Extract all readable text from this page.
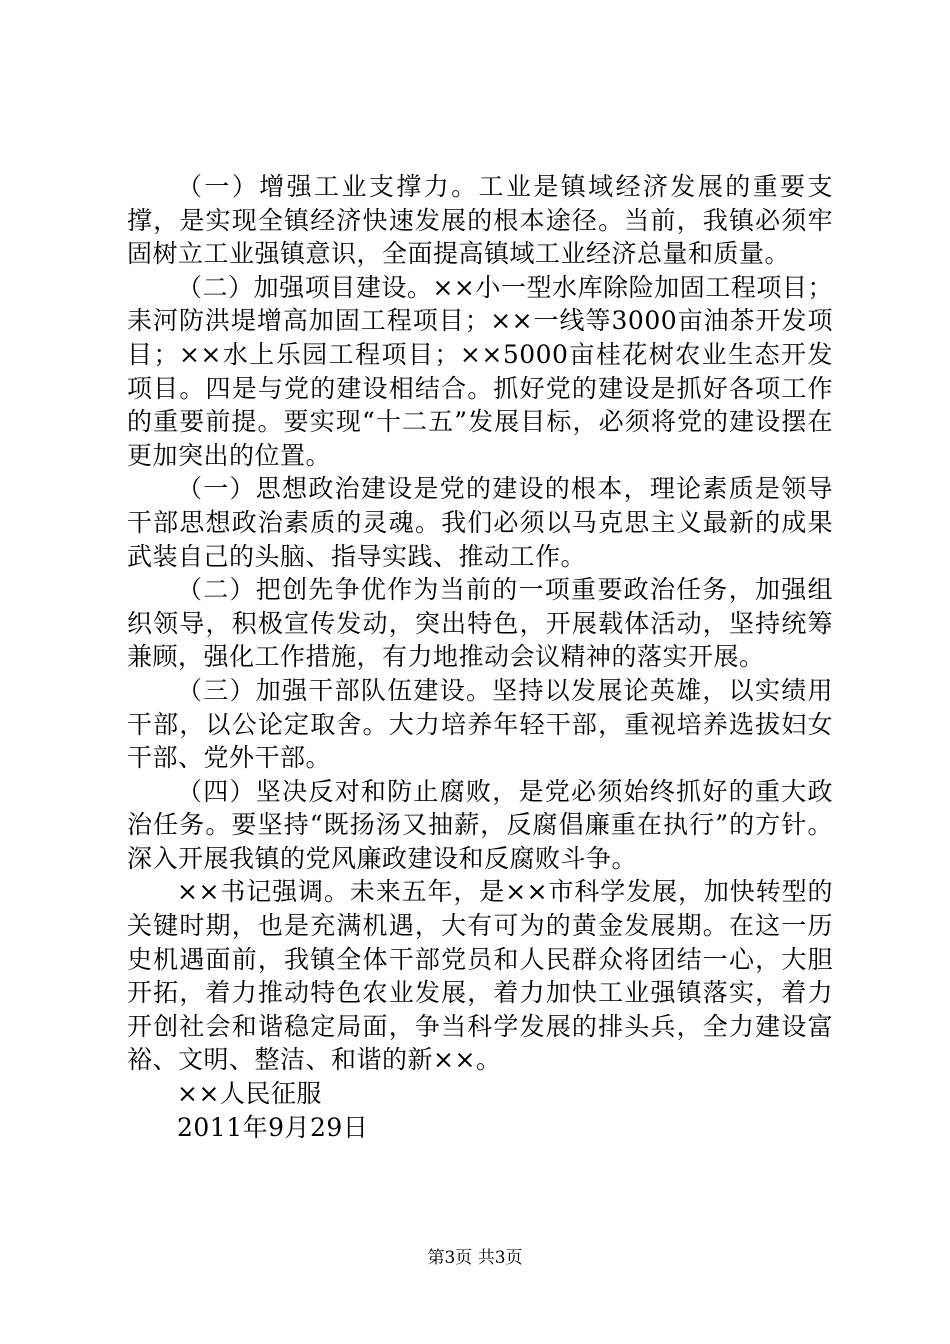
（一）增强工业支撑力。工业是镇域经济发展的重要支撑，是实现全镇经济快速发展的根本途径。当前，我镇必须牢固树立工业强镇意识，全面提高镇域工业经济总量和质量。

（二）加强项目建设。××小一型水库除险加固工程项目；耒河防洪堤增高加固工程项目；××一线等3000亩油茶开发项目；××水上乐园工程项目；××5000亩桂花树农业生态开发项目。四是与党的建设相结合。抓好党的建设是抓好各项工作的重要前提。要实现“十二五”发展目标，必须将党的建设摆在更加突出的位置。

（一）思想政治建设是党的建设的根本，理论素质是领导干部思想政治素质的灵魂。我们必须以马克思主义最新的成果武装自己的头脑、指导实践、推动工作。

（二）把创先争优作为当前的一项重要政治任务，加强组织领导，积极宣传发动，突出特色，开展载体活动，坚持统筹兼顾，强化工作措施，有力地推动会议精神的落实开展。

（三）加强干部队伍建设。坚持以发展论英雄，以实绩用干部，以公论定取舍。大力培养年轻干部，重视培养选拔妇女干部、党外干部。

（四）坚决反对和防止腐败，是党必须始终抓好的重大政治任务。要坚持“既扬汤又抽薪，反腐倡廉重在执行”的方针。深入开展我镇的党风廉政建设和反腐败斗争。

××书记强调。未来五年，是××市科学发展，加快转型的关键时期，也是充满机遇，大有可为的黄金发展期。在这一历史机遇面前，我镇全体干部党员和人民群众将团结一心，大胆开拓，着力推动特色农业发展，着力加快工业强镇落实，着力开创社会和谐稳定局面，争当科学发展的排头兵，全力建设富裕、文明、整洁、和谐的新××。

××人民征服

2011年9月29日

第3页 共3页
